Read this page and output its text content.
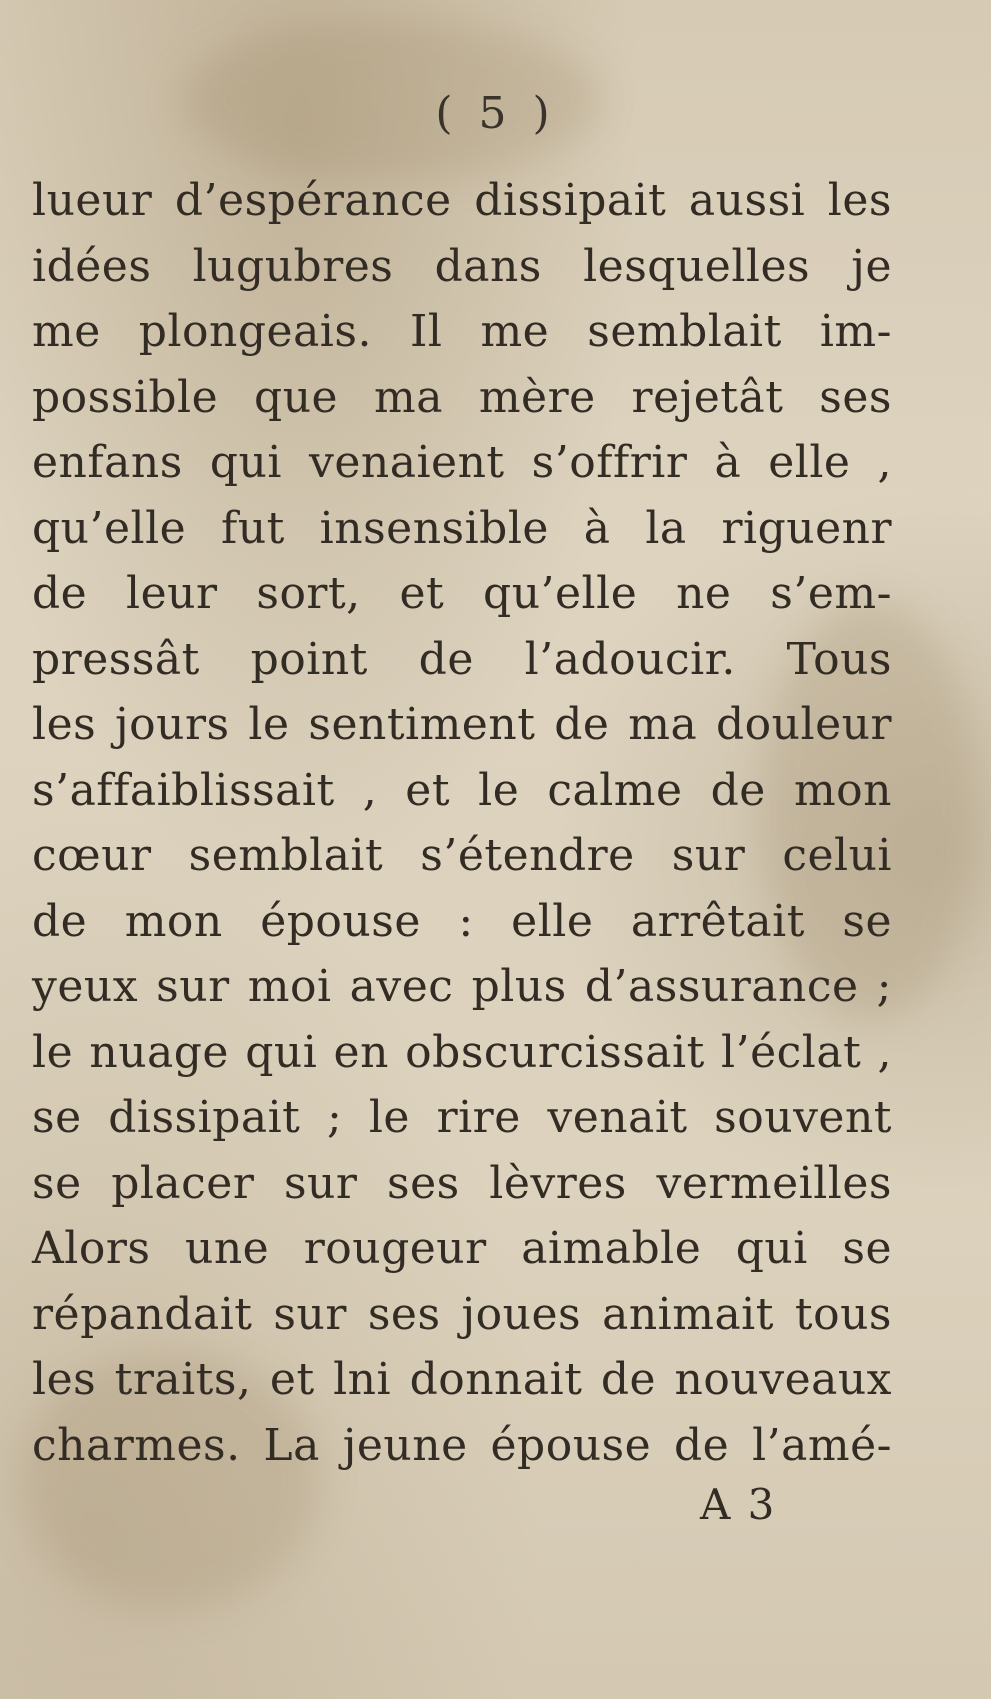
( 5 )
lueur d’espérance dissipait aussi les
idées lugubres dans lesquelles je
me plongeais. Il me semblait im-
possible que ma mère rejetât ses
enfans qui venaient s’offrir à elle ,
qu’elle fut insensible à la riguenr
de leur sort, et qu’elle ne s’em-
pressât point de l’adoucir. Tous
les jours le sentiment de ma douleur
s’affaiblissait , et le calme de mon
cœur semblait s’étendre sur celui
de mon épouse : elle arrêtait se
yeux sur moi avec plus d’assurance ;
le nuage qui en obscurcissait l’éclat ,
se dissipait ; le rire venait souvent
se placer sur ses lèvres vermeilles
Alors une rougeur aimable qui se
répandait sur ses joues animait tous
les traits, et lni donnait de nouveaux
charmes. La jeune épouse de l’amé-
A 3
